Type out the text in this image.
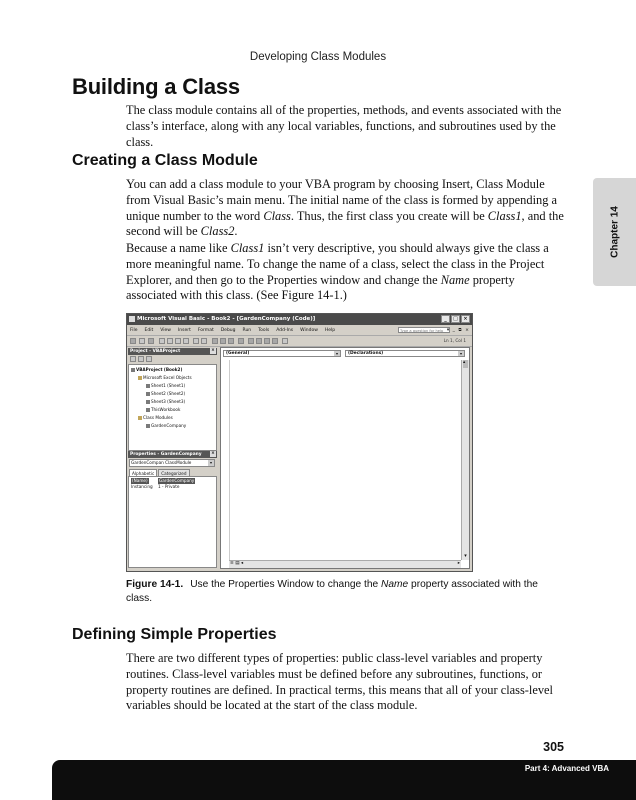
Developing Class Modules
Building a Class

The class module contains all of the properties, methods, and events associated with the class’s interface, along with any local variables, functions, and subroutines used by the class.

Creating a Class Module

You can add a class module to your VBA program by choosing Insert, Class Module from Visual Basic’s main menu. The initial name of the class is formed by appending a unique number to the word Class. Thus, the first class you create will be Class1, and the second will be Class2.

Because a name like Class1 isn’t very descriptive, you should always give the class a more meaningful name. To change the name of a class, select the class in the Project Explorer, and then go to the Properties window and change the Name property associated with this class. (See Figure 14-1.)

Chapter 14
Microsoft Visual Basic - Book2 - [GardenCompany (Code)]	_	□	×
File Edit View Insert Format Debug Run Tools Add-Ins Window Help	Type a question for help ▾ _ ⧉ ×
Ln 1, Col 1
Project - VBAProject	×
VBAProject (Book2)
Microsoft Excel Objects
Sheet1 (Sheet1)
Sheet2 (Sheet2)
Sheet3 (Sheet3)
ThisWorkbook
Class Modules
GardenCompany
Properties - GardenCompany ×
GardenCompan ClassModule	▾
Alphabetic	Categorized
(Name)	GardenCompany
Instancing 1 - Private
(General)	▾	(Declarations)	▾
▴
▾
≡ ▤ ◂	▸
Figure 14-1. Use the Properties Window to change the Name property associated with the class.
Defining Simple Properties

There are two different types of properties: public class-level variables and property routines. Class-level variables must be defined before any subroutines, functions, or property routines are defined. In practical terms, this means that all of your class-level variables should be located at the start of the class module.

305
Part 4: Advanced VBA
